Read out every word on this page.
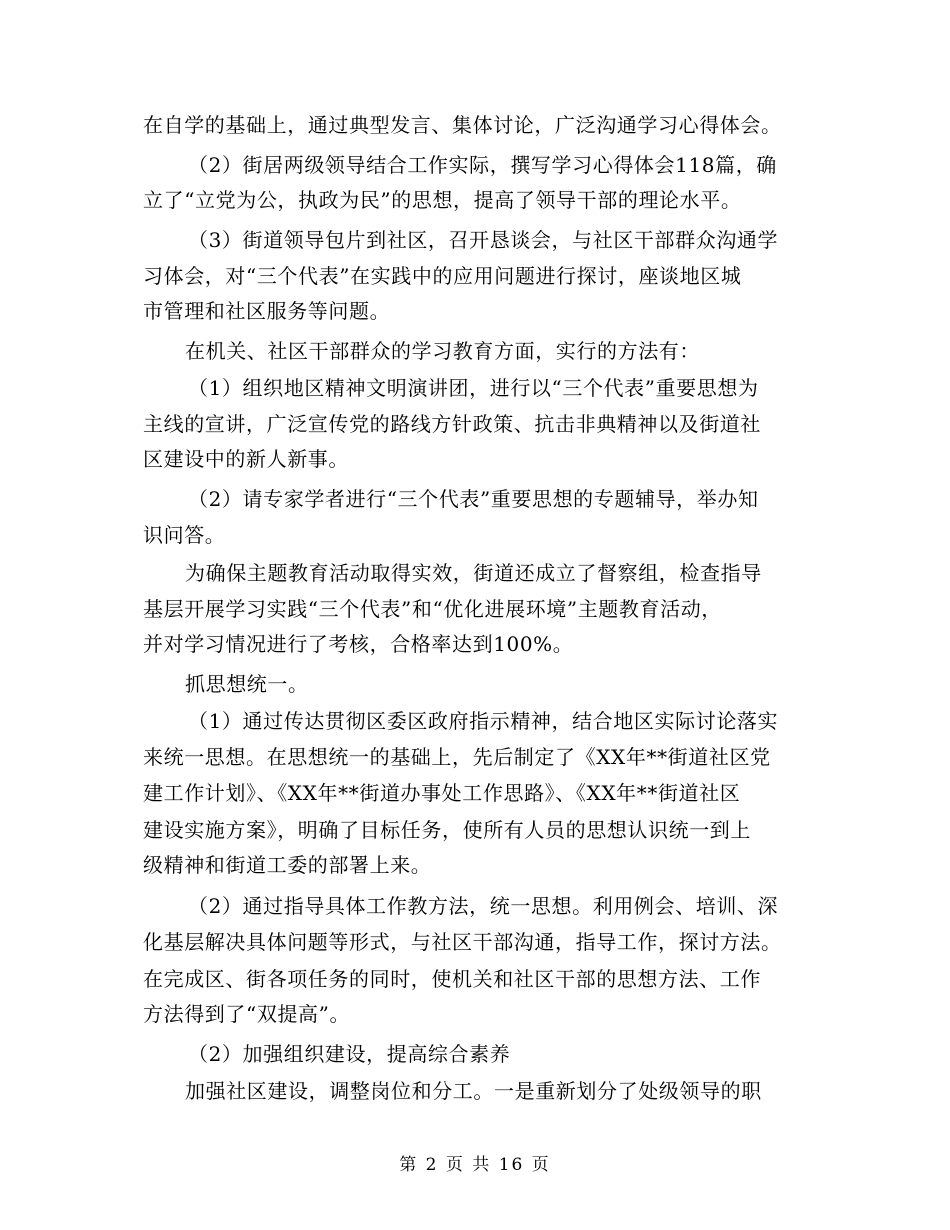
在自学的基础上，通过典型发言、集体讨论，广泛沟通学习心得体会。
（2）街居两级领导结合工作实际，撰写学习心得体会118篇，确
立了“立党为公，执政为民”的思想，提高了领导干部的理论水平。
（3）街道领导包片到社区，召开恳谈会，与社区干部群众沟通学
习体会，对“三个代表”在实践中的应用问题进行探讨，座谈地区城
市管理和社区服务等问题。
在机关、社区干部群众的学习教育方面，实行的方法有：
（1）组织地区精神文明演讲团，进行以“三个代表”重要思想为
主线的宣讲，广泛宣传党的路线方针政策、抗击非典精神以及街道社
区建设中的新人新事。
（2）请专家学者进行“三个代表”重要思想的专题辅导，举办知
识问答。
为确保主题教育活动取得实效，街道还成立了督察组，检查指导
基层开展学习实践“三个代表”和“优化进展环境”主题教育活动，
并对学习情况进行了考核，合格率达到100%。
抓思想统一。
（1）通过传达贯彻区委区政府指示精神，结合地区实际讨论落实
来统一思想。在思想统一的基础上，先后制定了《XX年**街道社区党
建工作计划》、《XX年**街道办事处工作思路》、《XX年**街道社区
建设实施方案》，明确了目标任务，使所有人员的思想认识统一到上
级精神和街道工委的部署上来。
（2）通过指导具体工作教方法，统一思想。利用例会、培训、深
化基层解决具体问题等形式，与社区干部沟通，指导工作，探讨方法。
在完成区、街各项任务的同时，使机关和社区干部的思想方法、工作
方法得到了“双提高”。
（2）加强组织建设，提高综合素养
加强社区建设，调整岗位和分工。一是重新划分了处级领导的职
第 2 页 共 16 页
